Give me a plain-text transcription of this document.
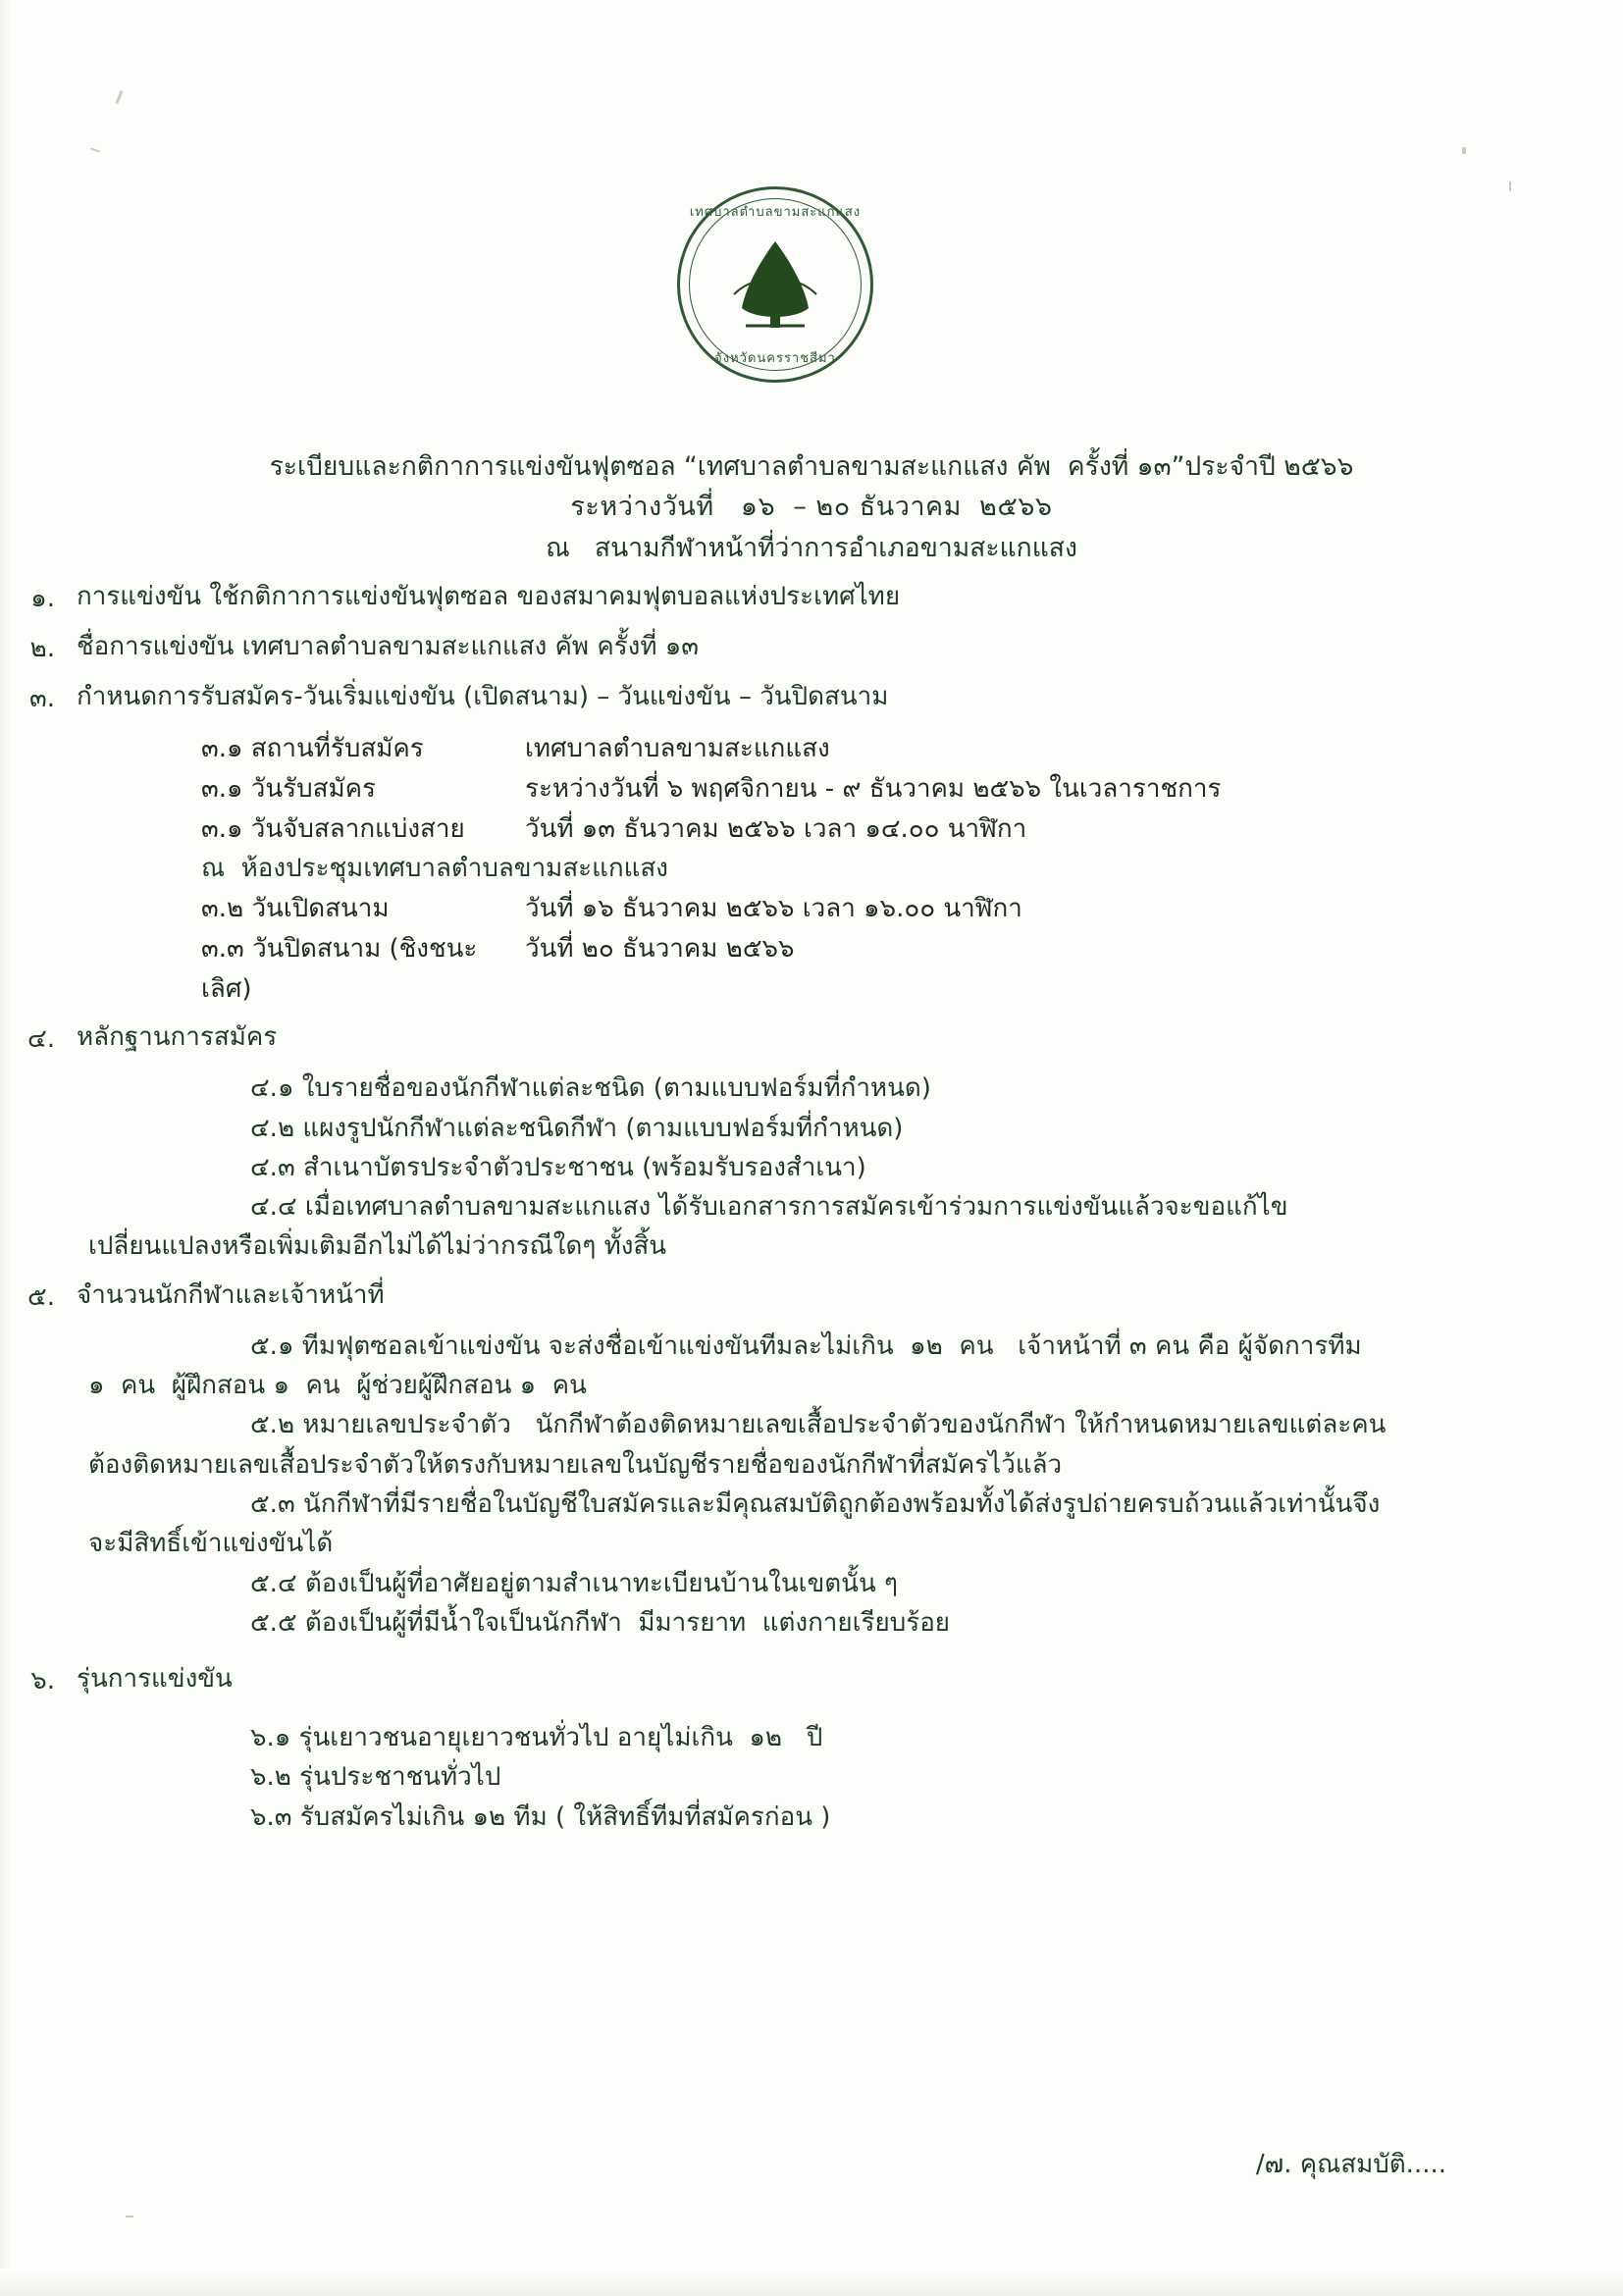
เทศบาลตำบลขามสะแกแสง
จังหวัดนครราชสีมา
ระเบียบและกติกาการแข่งขันฟุตซอล “เทศบาลตำบลขามสะแกแสง คัพ  ครั้งที่ ๑๓”ประจำปี ๒๕๖๖
ระหว่างวันที่   ๑๖  – ๒๐ ธันวาคม  ๒๕๖๖
ณ   สนามกีฬาหน้าที่ว่าการอำเภอขามสะแกแสง
๑. การแข่งขัน ใช้กติกาการแข่งขันฟุตซอล ของสมาคมฟุตบอลแห่งประเทศไทย
๒. ชื่อการแข่งขัน เทศบาลตำบลขามสะแกแสง คัพ ครั้งที่ ๑๓
๓. กำหนดการรับสมัคร-วันเริ่มแข่งขัน (เปิดสนาม) – วันแข่งขัน – วันปิดสนาม
๓.๑ สถานที่รับสมัคร	เทศบาลตำบลขามสะแกแสง
๓.๑ วันรับสมัคร	ระหว่างวันที่ ๖ พฤศจิกายน - ๙ ธันวาคม ๒๕๖๖ ในเวลาราชการ
๓.๑ วันจับสลากแบ่งสาย	วันที่ ๑๓ ธันวาคม ๒๕๖๖ เวลา ๑๔.๐๐ นาฬิกา
ณ  ห้องประชุมเทศบาลตำบลขามสะแกแสง
๓.๒ วันเปิดสนาม	วันที่ ๑๖ ธันวาคม ๒๕๖๖ เวลา ๑๖.๐๐ นาฬิกา
๓.๓ วันปิดสนาม (ชิงชนะเลิศ)
วันที่ ๒๐ ธันวาคม ๒๕๖๖
๔. หลักฐานการสมัคร
๔.๑ ใบรายชื่อของนักกีฬาแต่ละชนิด (ตามแบบฟอร์มที่กำหนด)
๔.๒ แผงรูปนักกีฬาแต่ละชนิดกีฬา (ตามแบบฟอร์มที่กำหนด)
๔.๓ สำเนาบัตรประจำตัวประชาชน (พร้อมรับรองสำเนา)
๔.๔ เมื่อเทศบาลตำบลขามสะแกแสง ได้รับเอกสารการสมัครเข้าร่วมการแข่งขันแล้วจะขอแก้ไข
เปลี่ยนแปลงหรือเพิ่มเติมอีกไม่ได้ไม่ว่ากรณีใดๆ ทั้งสิ้น
๕. จำนวนนักกีฬาและเจ้าหน้าที่
๕.๑ ทีมฟุตซอลเข้าแข่งขัน จะส่งชื่อเข้าแข่งขันทีมละไม่เกิน  ๑๒  คน   เจ้าหน้าที่ ๓ คน คือ ผู้จัดการทีม
๑  คน  ผู้ฝึกสอน ๑  คน  ผู้ช่วยผู้ฝึกสอน ๑  คน
๕.๒ หมายเลขประจำตัว   นักกีฬาต้องติดหมายเลขเสื้อประจำตัวของนักกีฬา ให้กำหนดหมายเลขแต่ละคน
ต้องติดหมายเลขเสื้อประจำตัวให้ตรงกับหมายเลขในบัญชีรายชื่อของนักกีฬาที่สมัครไว้แล้ว
๕.๓ นักกีฬาที่มีรายชื่อในบัญชีใบสมัครและมีคุณสมบัติถูกต้องพร้อมทั้งได้ส่งรูปถ่ายครบถ้วนแล้วเท่านั้นจึง
จะมีสิทธิ์เข้าแข่งขันได้
๕.๔ ต้องเป็นผู้ที่อาศัยอยู่ตามสำเนาทะเบียนบ้านในเขตนั้น ๆ
๕.๕ ต้องเป็นผู้ที่มีน้ำใจเป็นนักกีฬา  มีมารยาท  แต่งกายเรียบร้อย
๖. รุ่นการแข่งขัน
๖.๑ รุ่นเยาวชนอายุเยาวชนทั่วไป อายุไม่เกิน  ๑๒   ปี
๖.๒ รุ่นประชาชนทั่วไป
๖.๓ รับสมัครไม่เกิน ๑๒ ทีม ( ให้สิทธิ์ทีมที่สมัครก่อน )
/๗. คุณสมบัติ.....
